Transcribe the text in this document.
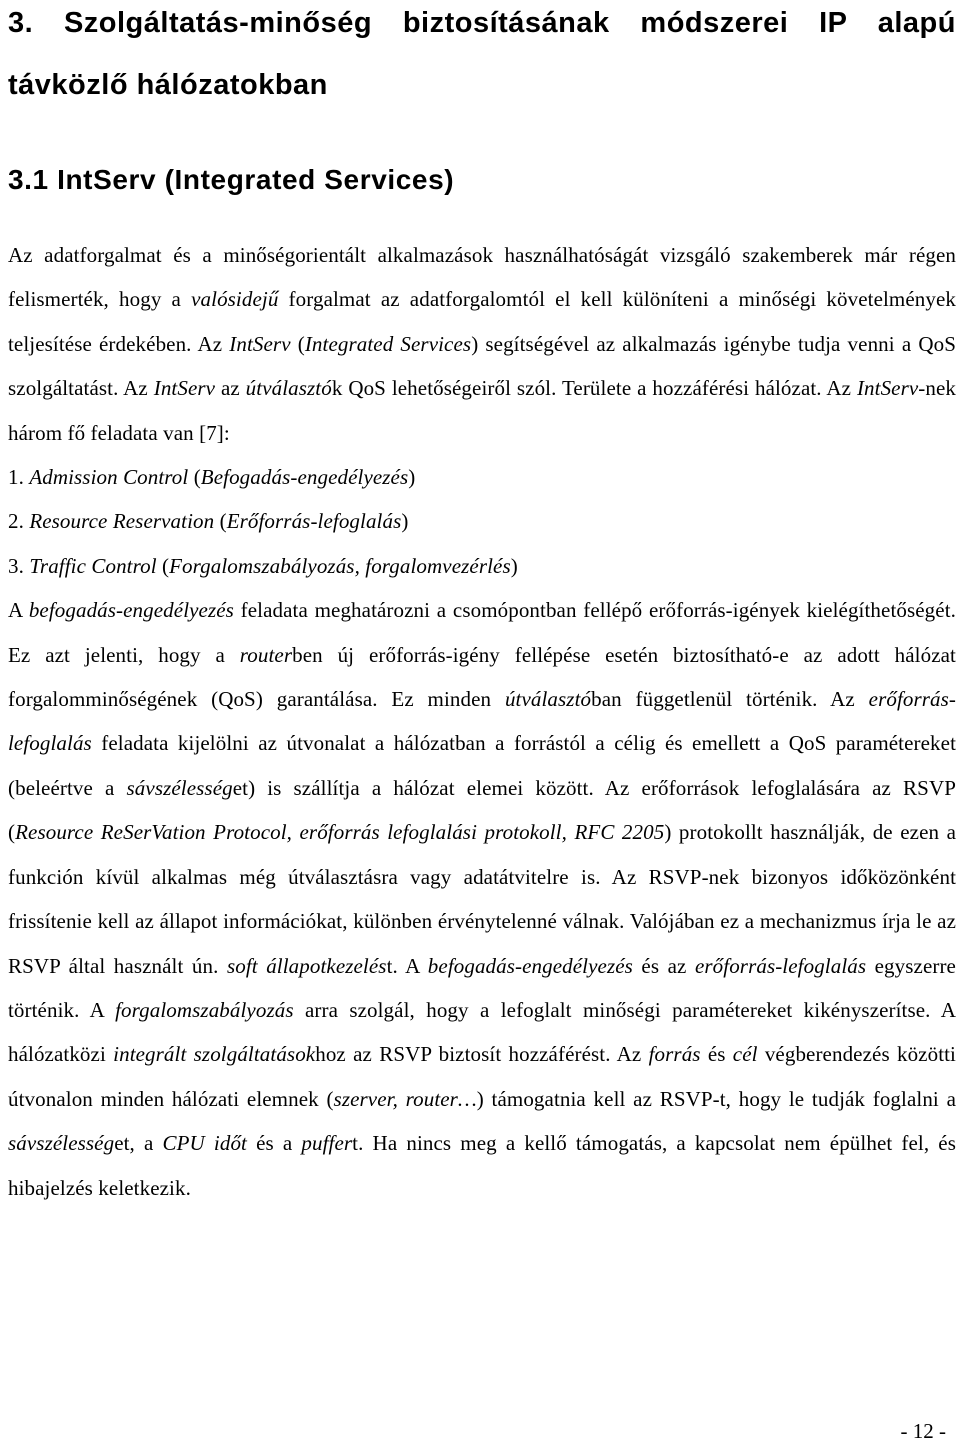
3. Szolgáltatás-minőség biztosításának módszerei IP alapú távközlő hálózatokban
3.1 IntServ (Integrated Services)

Az adatforgalmat és a minőségorientált alkalmazások használhatóságát vizsgáló szakemberek már régen felismerték, hogy a valósidejű forgalmat az adatforgalomtól el kell különíteni a minőségi követelmények teljesítése érdekében. Az IntServ (Integrated Services) segítségével az alkalmazás igénybe tudja venni a QoS szolgáltatást. Az IntServ az útválasztók QoS lehetőségeiről szól. Területe a hozzáférési hálózat. Az IntServ-nek három fő feladata van [7]:

1. Admission Control (Befogadás-engedélyezés)
2. Resource Reservation (Erőforrás-lefoglalás)
3. Traffic Control (Forgalomszabályozás, forgalomvezérlés)

A befogadás-engedélyezés feladata meghatározni a csomópontban fellépő erőforrás-igények kielégíthetőségét. Ez azt jelenti, hogy a routerben új erőforrás-igény fellépése esetén biztosítható-e az adott hálózat forgalomminőségének (QoS) garantálása. Ez minden útválasztóban függetlenül történik. Az erőforrás-lefoglalás feladata kijelölni az útvonalat a hálózatban a forrástól a célig és emellett a QoS paramétereket (beleértve a sávszélességet) is szállítja a hálózat elemei között. Az erőforrások lefoglalására az RSVP (Resource ReSerVation Protocol, erőforrás lefoglalási protokoll, RFC 2205) protokollt használják, de ezen a funkción kívül alkalmas még útválasztásra vagy adatátvitelre is. Az RSVP-nek bizonyos időközönként frissítenie kell az állapot információkat, különben érvénytelenné válnak. Valójában ez a mechanizmus írja le az RSVP által használt ún. soft állapotkezelést. A befogadás-engedélyezés és az erőforrás-lefoglalás egyszerre történik. A forgalomszabályozás arra szolgál, hogy a lefoglalt minőségi paramétereket kikényszerítse. A hálózatközi integrált szolgáltatásokhoz az RSVP biztosít hozzáférést. Az forrás és cél végberendezés közötti útvonalon minden hálózati elemnek (szerver, router…) támogatnia kell az RSVP-t, hogy le tudják foglalni a sávszélességet, a CPU időt és a puffert. Ha nincs meg a kellő támogatás, a kapcsolat nem épülhet fel, és hibajelzés keletkezik.

- 12 -
